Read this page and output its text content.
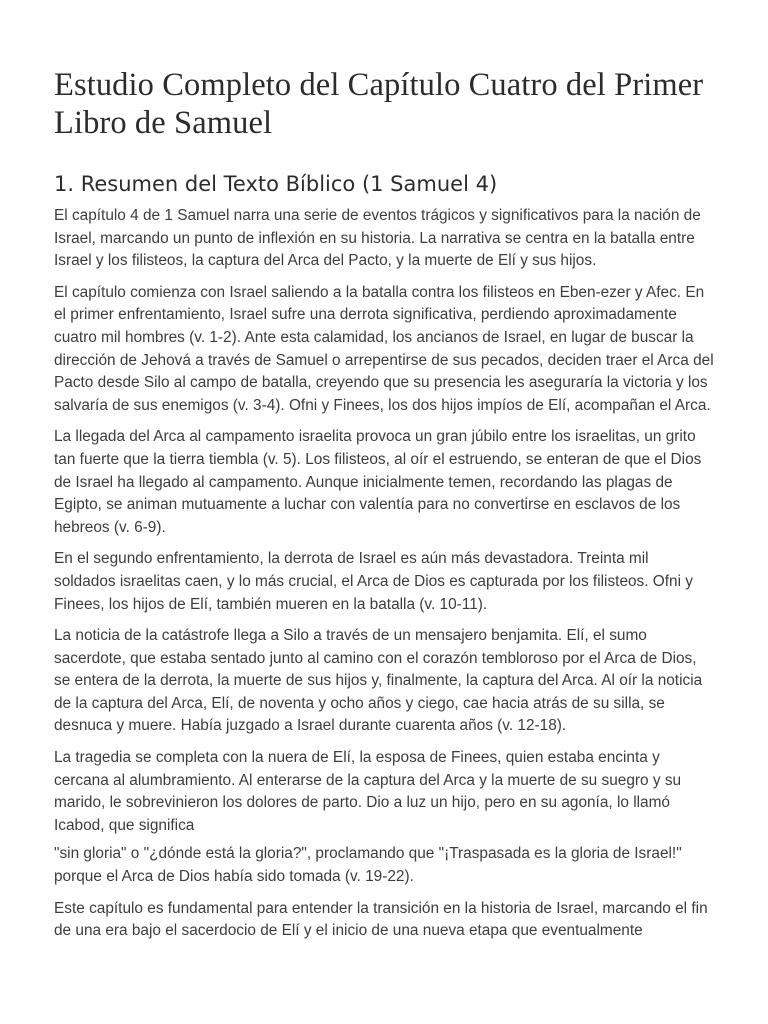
Estudio Completo del Capítulo Cuatro del Primer Libro de Samuel
1. Resumen del Texto Bíblico (1 Samuel 4)

El capítulo 4 de 1 Samuel narra una serie de eventos trágicos y significativos para la nación de Israel, marcando un punto de inflexión en su historia. La narrativa se centra en la batalla entre Israel y los filisteos, la captura del Arca del Pacto, y la muerte de Elí y sus hijos.

El capítulo comienza con Israel saliendo a la batalla contra los filisteos en Eben-ezer y Afec. En el primer enfrentamiento, Israel sufre una derrota significativa, perdiendo aproximadamente cuatro mil hombres (v. 1-2). Ante esta calamidad, los ancianos de Israel, en lugar de buscar la dirección de Jehová a través de Samuel o arrepentirse de sus pecados, deciden traer el Arca del Pacto desde Silo al campo de batalla, creyendo que su presencia les aseguraría la victoria y los salvaría de sus enemigos (v. 3-4). Ofni y Finees, los dos hijos impíos de Elí, acompañan el Arca.

La llegada del Arca al campamento israelita provoca un gran júbilo entre los israelitas, un grito tan fuerte que la tierra tiembla (v. 5). Los filisteos, al oír el estruendo, se enteran de que el Dios de Israel ha llegado al campamento. Aunque inicialmente temen, recordando las plagas de Egipto, se animan mutuamente a luchar con valentía para no convertirse en esclavos de los hebreos (v. 6-9).

En el segundo enfrentamiento, la derrota de Israel es aún más devastadora. Treinta mil soldados israelitas caen, y lo más crucial, el Arca de Dios es capturada por los filisteos. Ofni y Finees, los hijos de Elí, también mueren en la batalla (v. 10-11).

La noticia de la catástrofe llega a Silo a través de un mensajero benjamita. Elí, el sumo sacerdote, que estaba sentado junto al camino con el corazón tembloroso por el Arca de Dios, se entera de la derrota, la muerte de sus hijos y, finalmente, la captura del Arca. Al oír la noticia de la captura del Arca, Elí, de noventa y ocho años y ciego, cae hacia atrás de su silla, se desnuca y muere. Había juzgado a Israel durante cuarenta años (v. 12-18).

La tragedia se completa con la nuera de Elí, la esposa de Finees, quien estaba encinta y cercana al alumbramiento. Al enterarse de la captura del Arca y la muerte de su suegro y su marido, le sobrevinieron los dolores de parto. Dio a luz un hijo, pero en su agonía, lo llamó Icabod, que significa

"sin gloria" o "¿dónde está la gloria?", proclamando que "¡Traspasada es la gloria de Israel!" porque el Arca de Dios había sido tomada (v. 19-22).

Este capítulo es fundamental para entender la transición en la historia de Israel, marcando el fin de una era bajo el sacerdocio de Elí y el inicio de una nueva etapa que eventualmente
